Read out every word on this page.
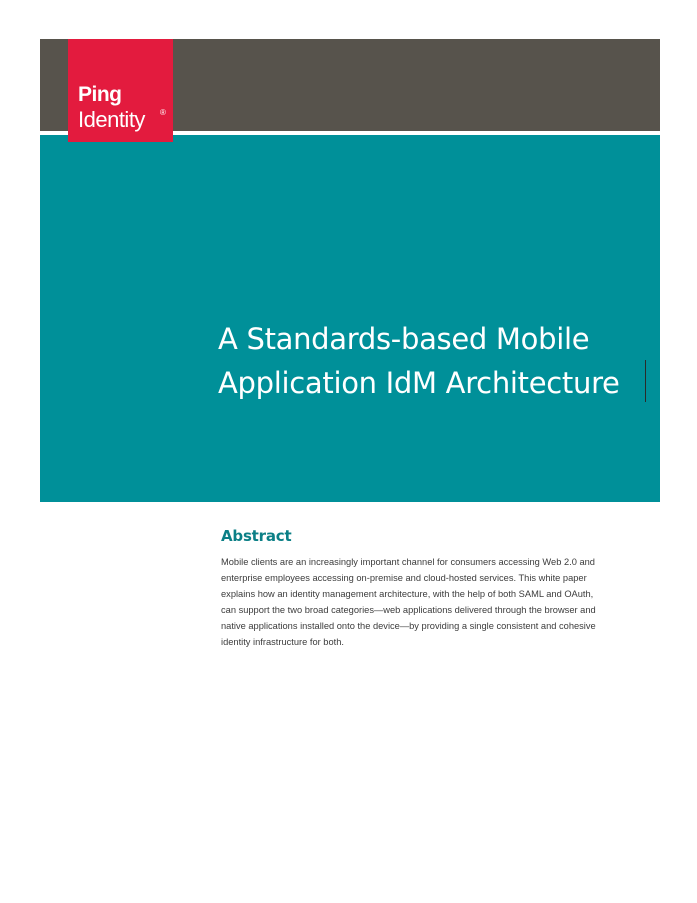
Ping
Identity ®
A Standards-based Mobile
Application IdM Architecture
Abstract
Mobile clients are an increasingly important channel for consumers accessing Web 2.0 and
enterprise employees accessing on-premise and cloud-hosted services. This white paper
explains how an identity management architecture, with the help of both SAML and OAuth,
can support the two broad categories—web applications delivered through the browser and
native applications installed onto the device—by providing a single consistent and cohesive
identity infrastructure for both.
